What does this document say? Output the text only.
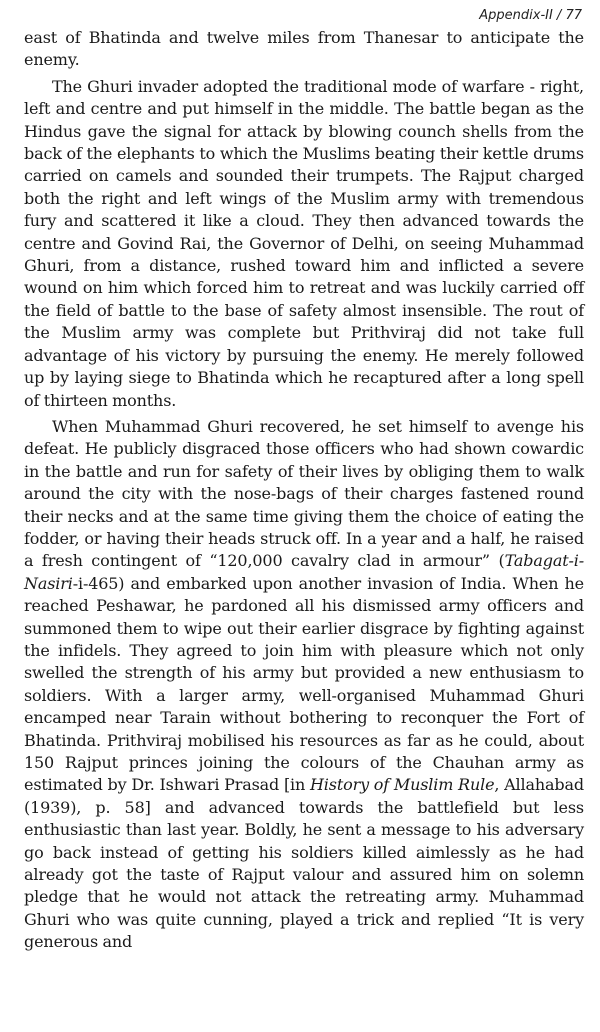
Appendix-II / 77

east of Bhatinda and twelve miles from Thanesar to anticipate the enemy.

The Ghuri invader adopted the traditional mode of warfare - right, left and centre and put himself in the middle. The battle began as the Hindus gave the signal for attack by blowing counch shells from the back of the elephants to which the Muslims beating their kettle drums carried on camels and sounded their trumpets. The Rajput charged both the right and left wings of the Muslim army with tremendous fury and scattered it like a cloud. They then advanced towards the centre and Govind Rai, the Governor of Delhi, on seeing Muhammad Ghuri, from a distance, rushed toward him and inflicted a severe wound on him which forced him to retreat and was luckily carried off the field of battle to the base of safety almost insensible. The rout of the Muslim army was complete but Prithviraj did not take full advantage of his victory by pursuing the enemy. He merely followed up by laying siege to Bhatinda which he recaptured after a long spell of thirteen months.

When Muhammad Ghuri recovered, he set himself to avenge his defeat. He publicly disgraced those officers who had shown cowardic in the battle and run for safety of their lives by obliging them to walk around the city with the nose-bags of their charges fastened round their necks and at the same time giving them the choice of eating the fodder, or having their heads struck off. In a year and a half, he raised a fresh contingent of “120,000 cavalry clad in armour” (Tabagat-i-Nasiri-i-465) and embarked upon another invasion of India. When he reached Peshawar, he pardoned all his dismissed army officers and summoned them to wipe out their earlier disgrace by fighting against the infidels. They agreed to join him with pleasure which not only swelled the strength of his army but provided a new enthusiasm to soldiers. With a larger army, well-organised Muhammad Ghuri encamped near Tarain without bothering to reconquer the Fort of Bhatinda. Prithviraj mobilised his resources as far as he could, about 150 Rajput princes joining the colours of the Chauhan army as estimated by Dr. Ishwari Prasad [in History of Muslim Rule, Allahabad (1939), p. 58] and advanced towards the battlefield but less enthusiastic than last year. Boldly, he sent a message to his adversary go back instead of getting his soldiers killed aimlessly as he had already got the taste of Rajput valour and assured him on solemn pledge that he would not attack the retreating army. Muhammad Ghuri who was quite cunning, played a trick and replied “It is very generous and
